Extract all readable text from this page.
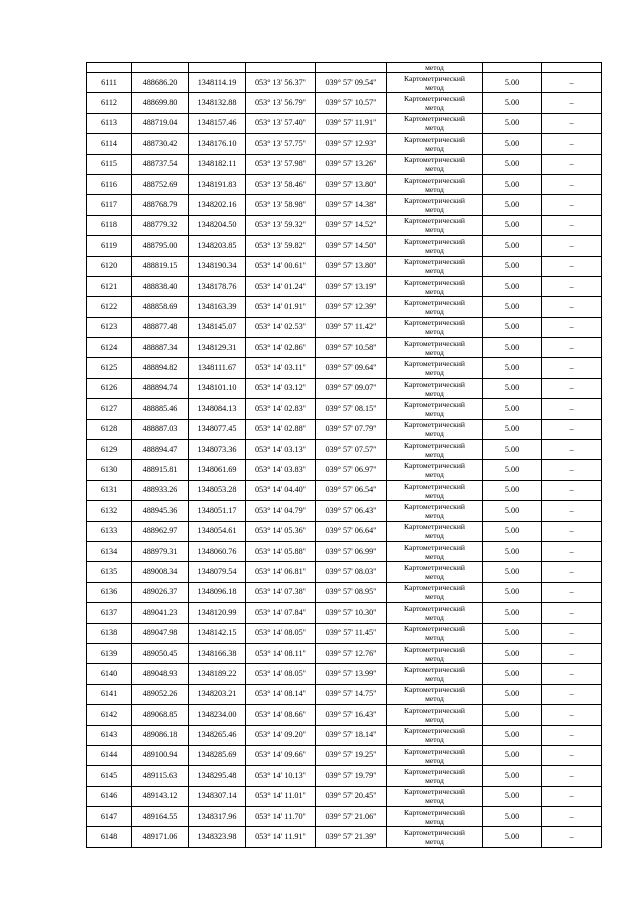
					метод		

6111	488686.20	1348114.19	053° 13' 56.37"	039° 57' 09.54"	Картометрический
метод	5.00	–
6112	488699.80	1348132.88	053° 13' 56.79"	039° 57' 10.57"	Картометрический
метод	5.00	–
6113	488719.04	1348157.46	053° 13' 57.40"	039° 57' 11.91"	Картометрический
метод	5.00	–
6114	488730.42	1348176.10	053° 13' 57.75"	039° 57' 12.93"	Картометрический
метод	5.00	–
6115	488737.54	1348182.11	053° 13' 57.98"	039° 57' 13.26"	Картометрический
метод	5.00	–
6116	488752.69	1348191.83	053° 13' 58.46"	039° 57' 13.80"	Картометрический
метод	5.00	–
6117	488768.79	1348202.16	053° 13' 58.98"	039° 57' 14.38"	Картометрический
метод	5.00	–
6118	488779.32	1348204.50	053° 13' 59.32"	039° 57' 14.52"	Картометрический
метод	5.00	–
6119	488795.00	1348203.85	053° 13' 59.82"	039° 57' 14.50"	Картометрический
метод	5.00	–
6120	488819.15	1348190.34	053° 14' 00.61"	039° 57' 13.80"	Картометрический
метод	5.00	–
6121	488838.40	1348178.76	053° 14' 01.24"	039° 57' 13.19"	Картометрический
метод	5.00	–
6122	488858.69	1348163.39	053° 14' 01.91"	039° 57' 12.39"	Картометрический
метод	5.00	–
6123	488877.48	1348145.07	053° 14' 02.53"	039° 57' 11.42"	Картометрический
метод	5.00	–
6124	488887.34	1348129.31	053° 14' 02.86"	039° 57' 10.58"	Картометрический
метод	5.00	–
6125	488894.82	1348111.67	053° 14' 03.11"	039° 57' 09.64"	Картометрический
метод	5.00	–
6126	488894.74	1348101.10	053° 14' 03.12"	039° 57' 09.07"	Картометрический
метод	5.00	–
6127	488885.46	1348084.13	053° 14' 02.83"	039° 57' 08.15"	Картометрический
метод	5.00	–
6128	488887.03	1348077.45	053° 14' 02.88"	039° 57' 07.79"	Картометрический
метод	5.00	–
6129	488894.47	1348073.36	053° 14' 03.13"	039° 57' 07.57"	Картометрический
метод	5.00	–
6130	488915.81	1348061.69	053° 14' 03.83"	039° 57' 06.97"	Картометрический
метод	5.00	–
6131	488933.26	1348053.28	053° 14' 04.40"	039° 57' 06.54"	Картометрический
метод	5.00	–
6132	488945.36	1348051.17	053° 14' 04.79"	039° 57' 06.43"	Картометрический
метод	5.00	–
6133	488962.97	1348054.61	053° 14' 05.36"	039° 57' 06.64"	Картометрический
метод	5.00	–
6134	488979.31	1348060.76	053° 14' 05.88"	039° 57' 06.99"	Картометрический
метод	5.00	–
6135	489008.34	1348079.54	053° 14' 06.81"	039° 57' 08.03"	Картометрический
метод	5.00	–
6136	489026.37	1348096.18	053° 14' 07.38"	039° 57' 08.95"	Картометрический
метод	5.00	–
6137	489041.23	1348120.99	053° 14' 07.84"	039° 57' 10.30"	Картометрический
метод	5.00	–
6138	489047.98	1348142.15	053° 14' 08.05"	039° 57' 11.45"	Картометрический
метод	5.00	–
6139	489050.45	1348166.38	053° 14' 08.11"	039° 57' 12.76"	Картометрический
метод	5.00	–
6140	489048.93	1348189.22	053° 14' 08.05"	039° 57' 13.99"	Картометрический
метод	5.00	–
6141	489052.26	1348203.21	053° 14' 08.14"	039° 57' 14.75"	Картометрический
метод	5.00	–
6142	489068.85	1348234.00	053° 14' 08.66"	039° 57' 16.43"	Картометрический
метод	5.00	–
6143	489086.18	1348265.46	053° 14' 09.20"	039° 57' 18.14"	Картометрический
метод	5.00	–
6144	489100.94	1348285.69	053° 14' 09.66"	039° 57' 19.25"	Картометрический
метод	5.00	–
6145	489115.63	1348295.48	053° 14' 10.13"	039° 57' 19.79"	Картометрический
метод	5.00	–
6146	489143.12	1348307.14	053° 14' 11.01"	039° 57' 20.45"	Картометрический
метод	5.00	–
6147	489164.55	1348317.96	053° 14' 11.70"	039° 57' 21.06"	Картометрический
метод	5.00	–
6148	489171.06	1348323.98	053° 14' 11.91"	039° 57' 21.39"	Картометрический
метод	5.00	–
